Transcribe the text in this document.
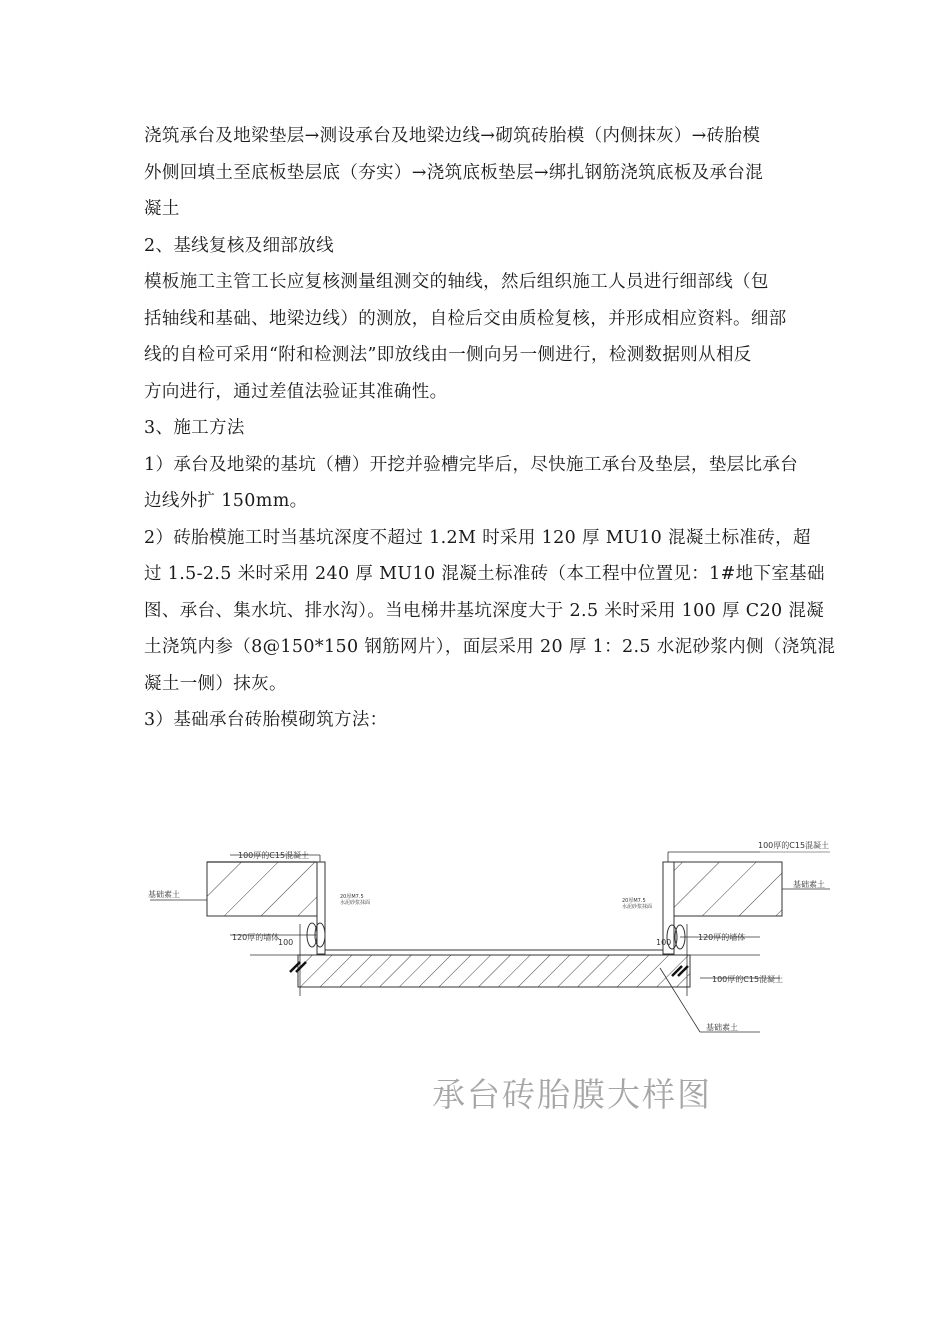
浇筑承台及地梁垫层→测设承台及地梁边线→砌筑砖胎模（内侧抹灰）→砖胎模
外侧回填土至底板垫层底（夯实）→浇筑底板垫层→绑扎钢筋浇筑底板及承台混
凝土
2、基线复核及细部放线
模板施工主管工长应复核测量组测交的轴线，然后组织施工人员进行细部线（包
括轴线和基础、地梁边线）的测放，自检后交由质检复核，并形成相应资料。细部
线的自检可采用“附和检测法”即放线由一侧向另一侧进行，检测数据则从相反
方向进行，通过差值法验证其准确性。
3、施工方法
1）承台及地梁的基坑（槽）开挖并验槽完毕后，尽快施工承台及垫层，垫层比承台
边线外扩 150mm。
2）砖胎模施工时当基坑深度不超过 1.2M 时采用 120 厚 MU10 混凝土标准砖，超
过 1.5-2.5 米时采用 240 厚 MU10 混凝土标准砖（本工程中位置见：1#地下室基础
图、承台、集水坑、排水沟）。当电梯井基坑深度大于 2.5 米时采用 100 厚 C20 混凝
土浇筑内参（8@150*150 钢筋网片），面层采用 20 厚 1：2.5 水泥砂浆内侧（浇筑混
凝土一侧）抹灰。
3）基础承台砖胎模砌筑方法：
100厚的C15混凝土
100厚的C15混凝土
基础素土
基础素土
120厚的墙体	120厚的墙体
20厚M7.5 水泥砂浆抹面	20厚M7.5 水泥砂浆抹面
100厚的C15混凝土
基础素土
100	100
承台砖胎膜大样图
